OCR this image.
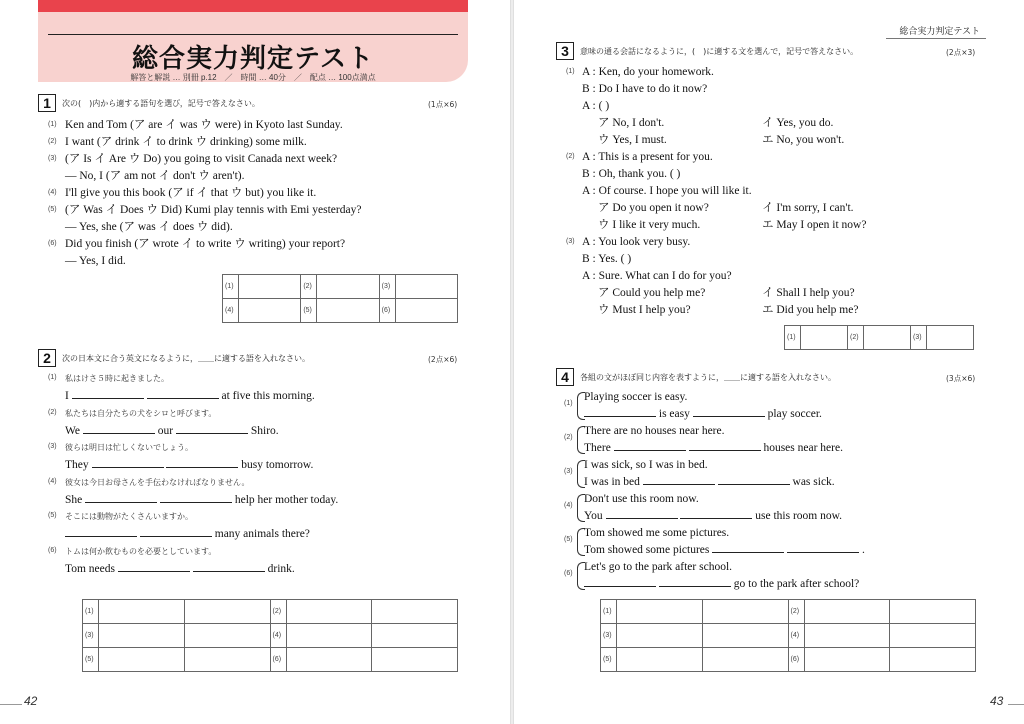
総合実力判定テスト
解答と解説 … 別冊 p.12　／　時間 … 40分　／　配点 … 100点満点
1	次の(　)内から適する語句を選び，記号で答えなさい。	(1点×6)
(1) Ken and Tom (ア are イ was ウ were) in Kyoto last Sunday.
(2) I want (ア drink イ to drink ウ drinking) some milk.
(3) (ア Is イ Are ウ Do) you going to visit Canada next week?
— No, I (ア am not イ don't ウ aren't).
(4) I'll give you this book (ア if イ that ウ but) you like it.
(5) (ア Was イ Does ウ Did) Kumi play tennis with Emi yesterday?
— Yes, she (ア was イ does ウ did).
(6) Did you finish (ア wrote イ to write ウ writing) your report?
— Yes, I did.
(1)		(2)		(3)	
(4)		(5)		(6)	
2	次の日本文に合う英文になるように，＿＿に適する語を入れなさい。	(2点×6)
(1) 私はけさ５時に起きました。
I	at five this morning.
(2) 私たちは自分たちの犬をシロと呼びます。
We	our	Shiro.
(3) 彼らは明日は忙しくないでしょう。
They	busy tomorrow.
(4) 彼女は今日お母さんを手伝わなければなりません。
She	help her mother today.
(5) そこには動物がたくさんいますか。
many animals there?
(6) トムは何か飲むものを必要としています。
Tom needs	drink.
(1)			(2)		
(3)			(4)		
(5)			(6)		
42
総合実力判定テスト
3	意味の通る会話になるように，(　)に適する文を選んで，記号で答えなさい。	(2点×3)
(1) A : Ken, do your homework.
B : Do I have to do it now?
A : ( )
ア No, I don't.	イ Yes, you do.
ウ Yes, I must.	エ No, you won't.
(2) A : This is a present for you.
B : Oh, thank you. ( )
A : Of course. I hope you will like it.
ア Do you open it now?	イ I'm sorry, I can't.
ウ I like it very much.	エ May I open it now?
(3) A : You look very busy.
B : Yes. ( )
A : Sure. What can I do for you?
ア Could you help me?	イ Shall I help you?
ウ Must I help you?	エ Did you help me?
(1)		(2)		(3)	
4	各組の文がほぼ同じ内容を表すように，＿＿に適する語を入れなさい。	(3点×6)
(1)
Playing soccer is easy.
is easy	play soccer.
(2)
There are no houses near here.
There	houses near here.
(3)
I was sick, so I was in bed.
I was in bed	was sick.
(4)
Don't use this room now.
You	use this room now.
(5)
Tom showed me some pictures.
Tom showed some pictures	.
(6)
Let's go to the park after school.
go to the park after school?
(1)			(2)		
(3)			(4)		
(5)			(6)		
43
